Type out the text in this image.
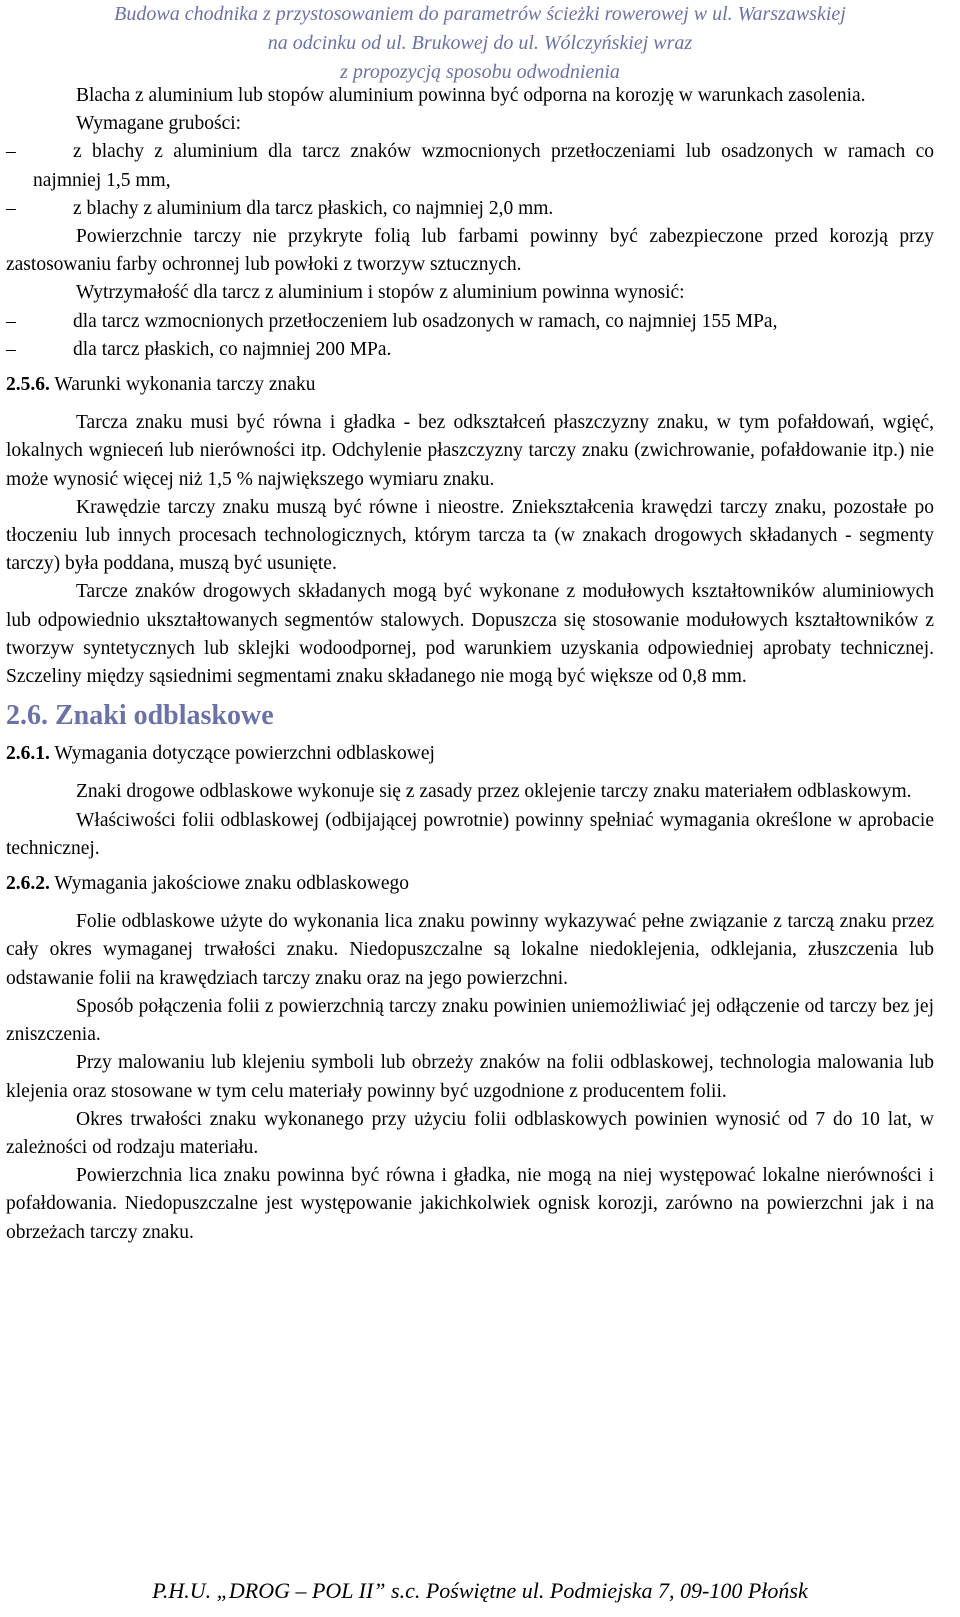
Budowa chodnika z przystosowaniem do parametrów ścieżki rowerowej w ul. Warszawskiej
na odcinku od ul. Brukowej do ul. Wólczyńskiej wraz
z propozycją sposobu odwodnienia

Blacha z aluminium lub stopów aluminium powinna być odporna na korozję w warunkach zasolenia.

Wymagane grubości:

–	z blachy z aluminium dla tarcz znaków wzmocnionych przetłoczeniami lub osadzonych w ramach co najmniej 1,5 mm,
–	z blachy z aluminium dla tarcz płaskich, co najmniej 2,0 mm.

Powierzchnie tarczy nie przykryte folią lub farbami powinny być zabezpieczone przed korozją przy zastosowaniu farby ochronnej lub powłoki z tworzyw sztucznych.

Wytrzymałość dla tarcz z aluminium i stopów z aluminium powinna wynosić:

–	dla tarcz wzmocnionych przetłoczeniem lub osadzonych w ramach, co najmniej 155 MPa,
–	dla tarcz płaskich, co najmniej 200 MPa.

2.5.6. Warunki wykonania tarczy znaku

Tarcza znaku musi być równa i gładka - bez odkształceń płaszczyzny znaku, w tym pofałdowań, wgięć, lokalnych wgnieceń lub nierówności itp. Odchylenie płaszczyzny tarczy znaku (zwichrowanie, pofałdowanie itp.) nie może wynosić więcej niż 1,5 % największego wymiaru znaku.

Krawędzie tarczy znaku muszą być równe i nieostre. Zniekształcenia krawędzi tarczy znaku, pozostałe po tłoczeniu lub innych procesach technologicznych, którym tarcza ta (w znakach drogowych składanych - segmenty tarczy) była poddana, muszą być usunięte.

Tarcze znaków drogowych składanych mogą być wykonane z modułowych kształtowników aluminiowych lub odpowiednio ukształtowanych segmentów stalowych. Dopuszcza się stosowanie modułowych kształtowników z tworzyw syntetycznych lub sklejki wodoodpornej, pod warunkiem uzyskania odpowiedniej aprobaty technicznej. Szczeliny między sąsiednimi segmentami znaku składanego nie mogą być większe od 0,8 mm.

2.6. Znaki odblaskowe

2.6.1. Wymagania dotyczące powierzchni odblaskowej

Znaki drogowe odblaskowe wykonuje się z zasady przez oklejenie tarczy znaku materiałem odblaskowym.

Właściwości folii odblaskowej (odbijającej powrotnie) powinny spełniać wymagania określone w aprobacie technicznej.

2.6.2. Wymagania jakościowe znaku odblaskowego

Folie odblaskowe użyte do wykonania lica znaku powinny wykazywać pełne związanie z tarczą znaku przez cały okres wymaganej trwałości znaku. Niedopuszczalne są lokalne niedoklejenia, odklejania, złuszczenia lub odstawanie folii na krawędziach tarczy znaku oraz na jego powierzchni.

Sposób połączenia folii z powierzchnią tarczy znaku powinien uniemożliwiać jej odłączenie od tarczy bez jej zniszczenia.

Przy malowaniu lub klejeniu symboli lub obrzeży znaków na folii odblaskowej, technologia malowania lub klejenia oraz stosowane w tym celu materiały powinny być uzgodnione z producentem folii.

Okres trwałości znaku wykonanego przy użyciu folii odblaskowych powinien wynosić od 7 do 10 lat, w zależności od rodzaju materiału.

Powierzchnia lica znaku powinna być równa i gładka, nie mogą na niej występować lokalne nierówności i pofałdowania. Niedopuszczalne jest występowanie jakichkolwiek ognisk korozji, zarówno na powierzchni jak i na obrzeżach tarczy znaku.

P.H.U. „DROG – POL II” s.c. Poświętne ul. Podmiejska 7, 09-100 Płońsk
